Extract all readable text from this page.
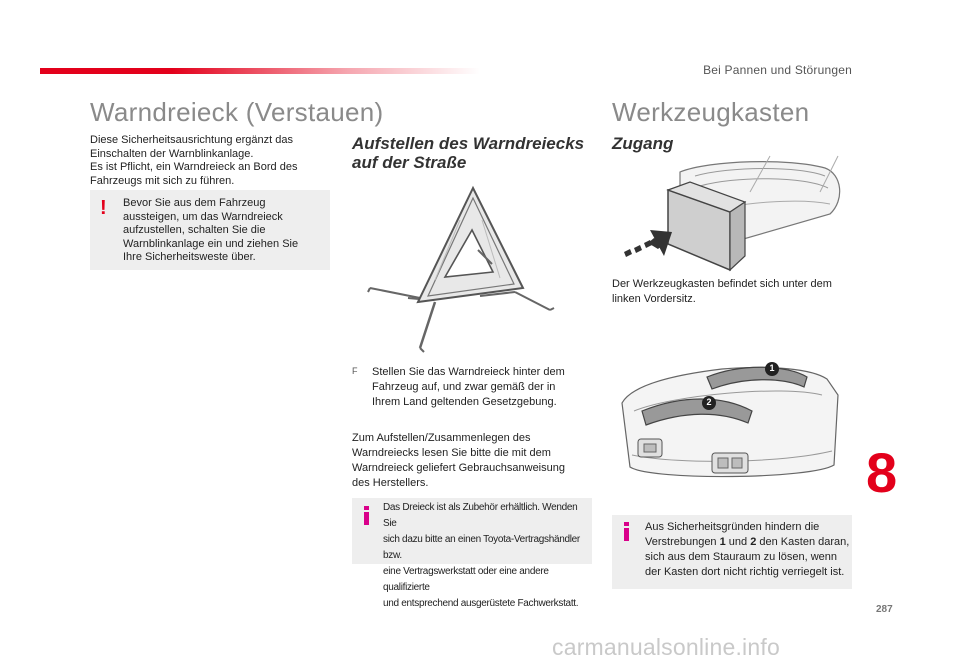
Bei Pannen und Störungen
Warndreieck (Verstauen)
Diese Sicherheitsausrichtung ergänzt das
Einschalten der Warnblinkanlage.
Es ist Pflicht, ein Warndreieck an Bord des
Fahrzeugs mit sich zu führen.
! Bevor Sie aus dem Fahrzeug
aussteigen, um das Warndreieck
aufzustellen, schalten Sie die
Warnblinkanlage ein und ziehen Sie
Ihre Sicherheitsweste über.
Aufstellen des Warndreiecks
auf der Straße
F Stellen Sie das Warndreieck hinter dem
Fahrzeug auf, und zwar gemäß der in
Ihrem Land geltenden Gesetzgebung.
Zum Aufstellen/Zusammenlegen des
Warndreiecks lesen Sie bitte die mit dem
Warndreieck geliefert Gebrauchsanweisung
des Herstellers.
Das Dreieck ist als Zubehör erhältlich. Wenden Sie
sich dazu bitte an einen Toyota-Vertragshändler bzw.
eine Vertragswerkstatt oder eine andere qualifizierte
und entsprechend ausgerüstete Fachwerkstatt.
Werkzeugkasten
Zugang
Der Werkzeugkasten befindet sich unter dem
linken Vordersitz.
1
2
Aus Sicherheitsgründen hindern die
Verstrebungen 1 und 2 den Kasten daran,
sich aus dem Stauraum zu lösen, wenn
der Kasten dort nicht richtig verriegelt ist.
8
287
carmanualsonline.info
